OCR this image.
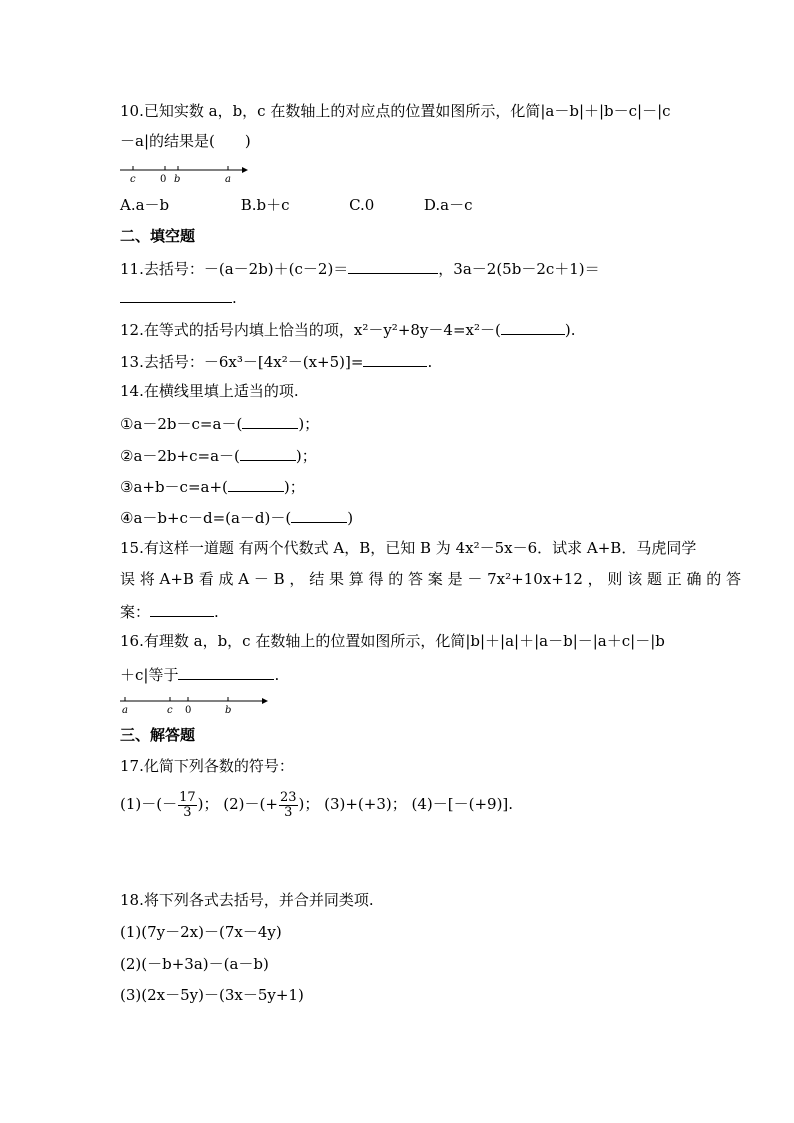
10.已知实数 a，b，c 在数轴上的对应点的位置如图所示，化简|a－b|＋|b－c|－|c
－a|的结果是(　　)
c 0 b	a
A.a－b	B.b＋c	C.0	D.a－c
二、填空题
11.去括号：－(a－2b)＋(c－2)＝	，3a－2(5b－2c＋1)＝
.
12.在等式的括号内填上恰当的项，x²－y²+8y－4=x²－(	).
13.去括号：－6x³－[4x²－(x+5)]=	.
14.在横线里填上适当的项.
①a－2b－c=a－(	)；
②a－2b+c=a－(	)；
③a+b－c=a+(	)；
④a－b+c－d=(a－d)－(	)
15.有这样一道题 有两个代数式 A，B，已知 B 为 4x²－5x－6．试求 A+B．马虎同学
误 将 A+B 看 成 A － B ， 结 果 算 得 的 答 案 是 － 7x²+10x+12 ， 则 该 题 正 确 的 答
案：	.
16.有理数 a，b，c 在数轴上的位置如图所示，化简|b|＋|a|＋|a－b|－|a＋c|－|b
＋c|等于	.
a	c 0	b
三、解答题
17.化简下列各数的符号：
$(1)-(- \frac{17}{3}$ )； $(2)-(+ \frac{23}{3}$ )； (3)+(+3)； (4)－[－(+9)].
18.将下列各式去括号，并合并同类项.
(1)(7y－2x)－(7x－4y)
(2)(－b+3a)－(a－b)
(3)(2x－5y)－(3x－5y+1)
